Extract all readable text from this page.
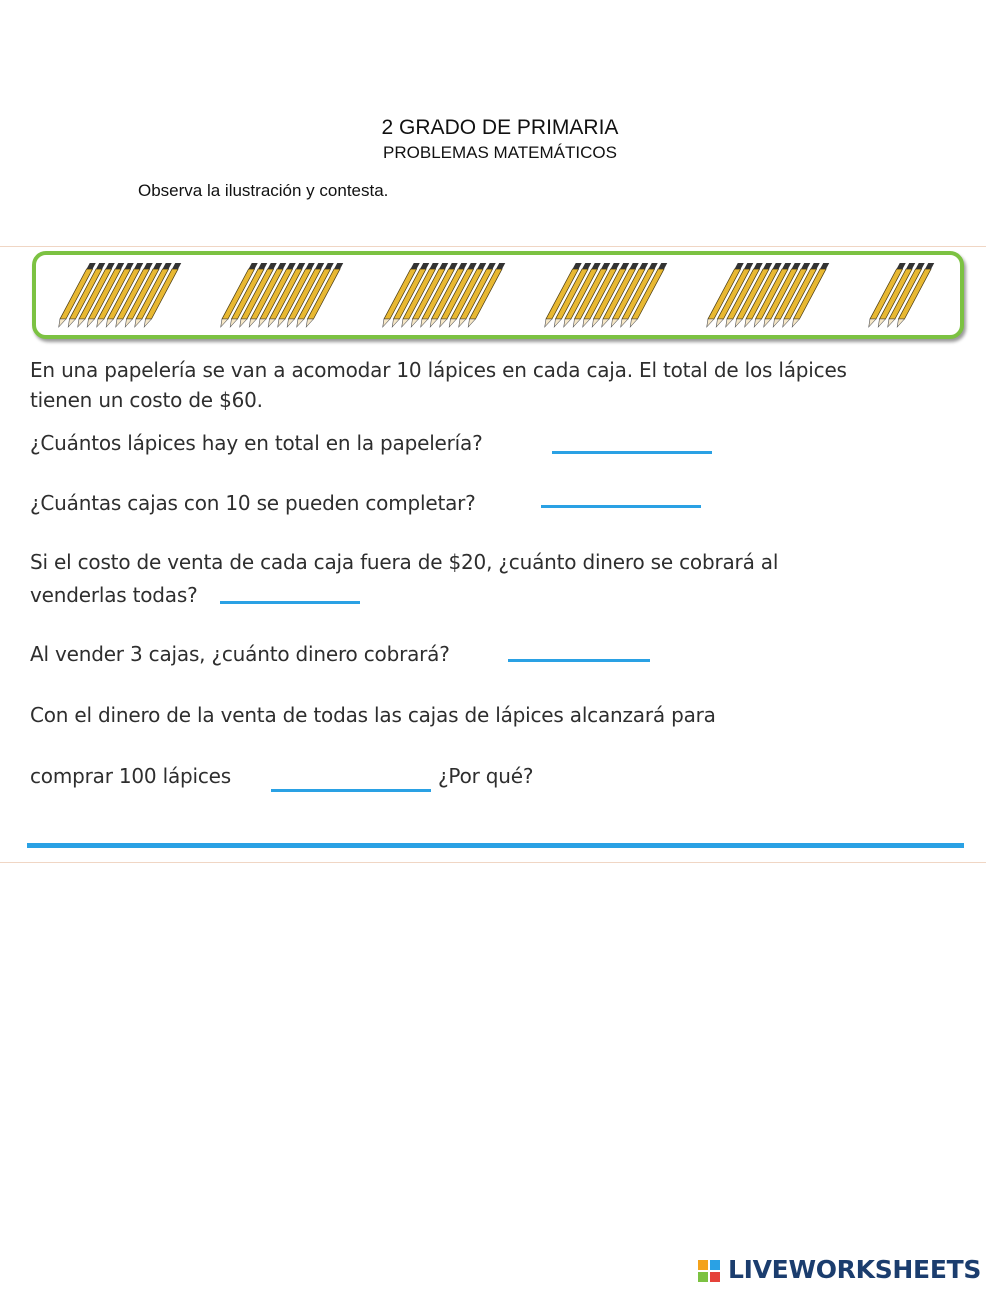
2 GRADO DE PRIMARIA
PROBLEMAS MATEMÁTICOS
Observa la ilustración y contesta.
En una papelería se van a acomodar 10 lápices en cada caja. El total de los lápices
tienen un costo de $60.
¿Cuántos lápices hay en total en la papelería?
¿Cuántas cajas con 10 se pueden completar?
Si el costo de venta de cada caja fuera de $20, ¿cuánto dinero se cobrará al
venderlas todas?
Al vender 3 cajas, ¿cuánto dinero cobrará?
Con el dinero de la venta de todas las cajas de lápices alcanzará para
comprar 100 lápices	¿Por qué?
LIVEWORKSHEETS
